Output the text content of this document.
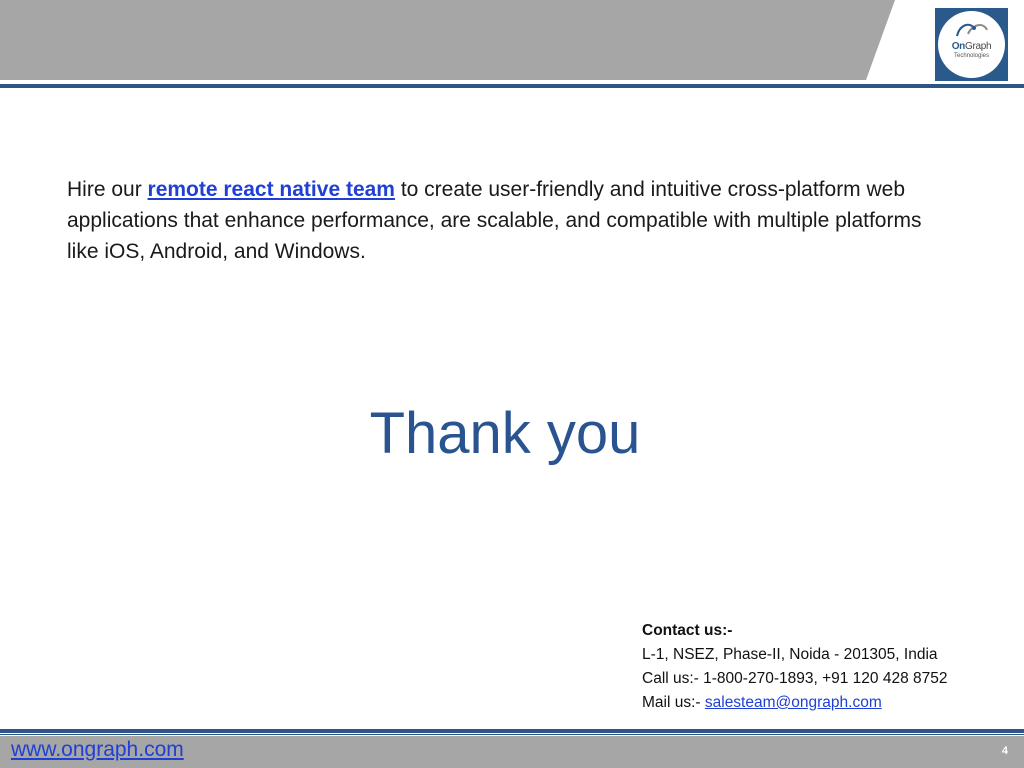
OnGraph
Technologies

Hire our remote react native team to create user-friendly and intuitive cross-platform web applications that enhance performance, are scalable, and compatible with multiple platforms like iOS, Android, and Windows.

Thank you
Contact us:-
L-1, NSEZ, Phase-II, Noida - 201305, India
Call us:- 1-800-270-1893, +91 120 428 8752
Mail us:- salesteam@ongraph.com
www.ongraph.com	4
